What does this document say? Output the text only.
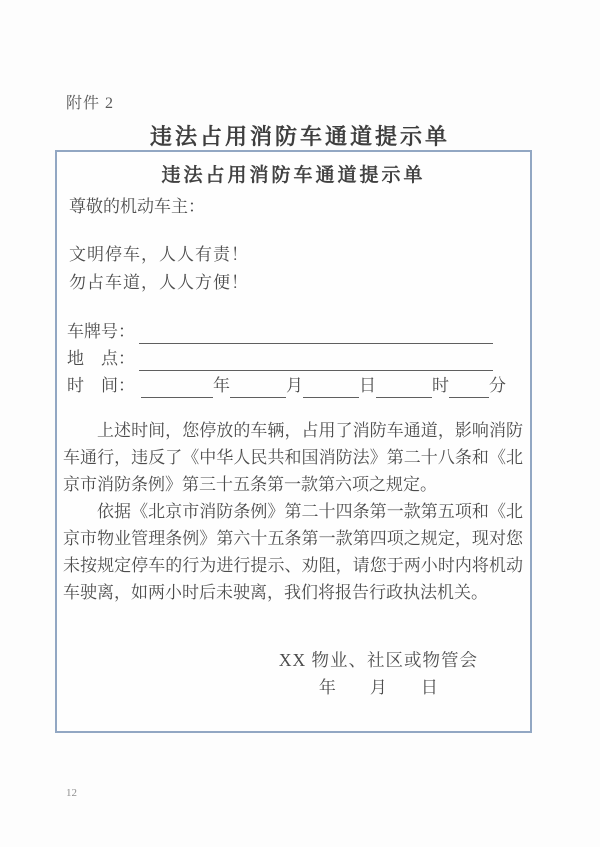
附件 2
违法占用消防车通道提示单
违法占用消防车通道提示单
尊敬的机动车主：
文明停车，人人有责！
勿占车道，人人方便！
车牌号：
地　点：
时　间：	年	月	日	时 分

上述时间，您停放的车辆，占用了消防车通道，影响消防车通行，违反了《中华人民共和国消防法》第二十八条和《北京市消防条例》第三十五条第一款第六项之规定。

依据《北京市消防条例》第二十四条第一款第五项和《北京市物业管理条例》第六十五条第一款第四项之规定，现对您未按规定停车的行为进行提示、劝阻，请您于两小时内将机动车驶离，如两小时后未驶离，我们将报告行政执法机关。

XX 物业、社区或物管会
年　　月　　日
12
